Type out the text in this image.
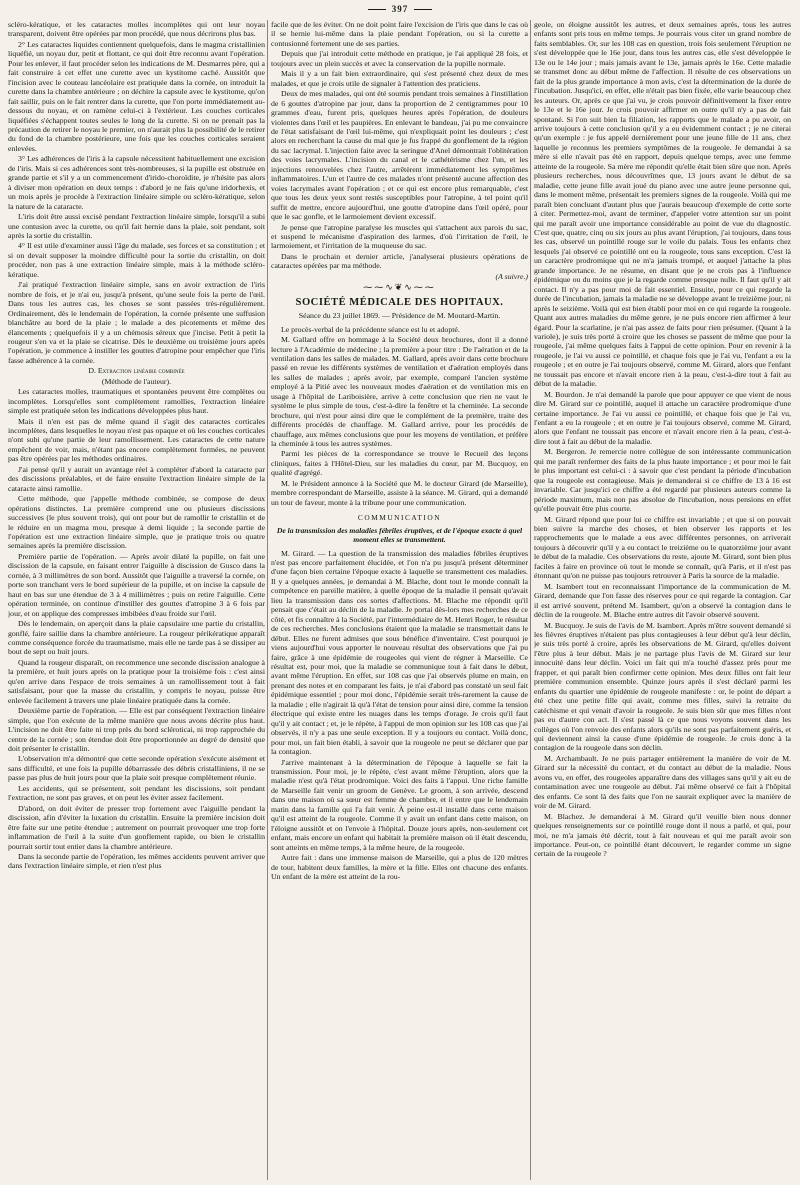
397

scléro-kératique, et les cataractes molles incomplètes qui ont leur noyau transparent, doivent être opérées par mon procédé, que nous décrirons plus bas.

2° Les cataractes liquides contiennent quelquefois, dans le magma cristallinien liquéfié, un noyau dur, petit et flottant, ce qui doit être reconnu avant l'opération. Pour les enlever, il faut procéder selon les indications de M. Desmarres père, qui a fait construire à cet effet une curette avec un kystitome caché. Aussitôt que l'incision avec le couteau lancéolaire est pratiquée dans la cornée, on introduit la curette dans la chambre antérieure ; on déchire la capsule avec le kystitome, qu'on fait saillir, puis on le fait rentrer dans la curette, que l'on porte immédiatement au-dessous du noyau, et on ramène celui-ci à l'extérieur. Les couches corticales liquéfiées s'échappent toutes seules le long de la curette. Si on ne prenait pas la précaution de retirer le noyau le premier, on n'aurait plus la possibilité de le retirer du fond de la chambre postérieure, une fois que les couches corticales seraient enlevées.

3° Les adhérences de l'iris à la capsule nécessitent habituellement une excision de l'iris. Mais si ces adhérences sont très-nombreuses, si la pupille est obstruée en grande partie et s'il y a un commencement d'irido-choroïdite, je n'hésite pas alors à diviser mon opération en deux temps : d'abord je ne fais qu'une iridorhexis, et un mois après je procède à l'extraction linéaire simple ou scléro-kératique, selon la nature de la cataracte.

L'iris doit être aussi excisé pendant l'extraction linéaire simple, lorsqu'il a subi une contusion avec la curette, ou qu'il fait hernie dans la plaie, soit pendant, soit après la sortie du cristallin.

4° Il est utile d'examiner aussi l'âge du malade, ses forces et sa constitution ; et si on devait supposer la moindre difficulté pour la sortie du cristallin, on doit procéder, non pas à une extraction linéaire simple, mais à la méthode scléro-kératique.

J'ai pratiqué l'extraction linéaire simple, sans en avoir extraction de l'iris nombre de fois, et je n'ai eu, jusqu'à présent, qu'une seule fois la perte de l'œil. Dans tous les autres cas, les choses se sont passées très-régulièrement. Ordinairement, dès le lendemain de l'opération, la cornée présente une suffusion blanchâtre au bord de la plaie ; le malade a des picotements et même des élancements ; quelquefois il y a un chémosis séreux que j'incise. Petit à petit la rougeur s'en va et la plaie se cicatrise. Dès le deuxième ou troisième jours après l'opération, je commence à instiller les gouttes d'atropine pour empêcher que l'iris fasse adhérence à la cornée.

D. Extraction linéaire combinée

(Méthode de l'auteur).

Les cataractes molles, traumatiques et spontanées peuvent être complètes ou incomplètes. Lorsqu'elles sont complètement ramollies, l'extraction linéaire simple est pratiquée selon les indications développées plus haut.

Mais il n'en est pas de même quand il s'agit des cataractes corticales incomplètes, dans lesquelles le noyau n'est pas opaque et où les couches corticales n'ont subi qu'une partie de leur ramollissement. Les cataractes de cette nature empêchent de voir, mais, n'étant pas encore complètement formées, ne peuvent pas être opérées par les méthodes ordinaires.

J'ai pensé qu'il y aurait un avantage réel à compléter d'abord la cataracte par des discissions préalables, et de faire ensuite l'extraction linéaire simple de la cataracte ainsi ramollie.

Cette méthode, que j'appelle méthode combinée, se compose de deux opérations distinctes. La première comprend une ou plusieurs discissions successives (le plus souvent trois), qui ont pour but de ramollir le cristallin et de le réduire en un magma mou, presque à demi liquide ; la seconde partie de l'opération est une extraction linéaire simple, que je pratique trois ou quatre semaines après la première discission.

Première partie de l'opération. — Après avoir dilaté la pupille, on fait une discission de la capsule, en faisant entrer l'aiguille à discission de Gusco dans la cornée, à 3 millimètres de son bord. Aussitôt que l'aiguille a traversé la cornée, on porte son tranchant vers le bord supérieur de la pupille, et on incise la capsule de haut en bas sur une étendue de 3 à 4 millimètres ; puis on retire l'aiguille. Cette opération terminée, on continue d'instiller des gouttes d'atropine 3 à 6 fois par jour, et on applique des compresses imbibées d'eau froide sur l'œil.

Dès le lendemain, on aperçoit dans la plaie capsulaire une partie du cristallin, gonflé, faire saillie dans la chambre antérieure. La rougeur périkératique apparaît comme conséquence forcée du traumatisme, mais elle ne tarde pas à se dissiper au bout de sept ou huit jours.

Quand la rougeur disparaît, on recommence une seconde discission analogue à la première, et huit jours après on la pratique pour la troisième fois : c'est ainsi qu'en arrive dans l'espace de trois semaines à un ramollissement tout à fait satisfaisant, pour que la masse du cristallin, y compris le noyau, puisse être enlevée facilement à travers une plaie linéaire pratiquée dans la cornée.

Deuxième partie de l'opération. — Elle est par conséquent l'extraction linéaire simple, que l'on exécute de la même manière que nous avons décrite plus haut. L'incision ne doit être faite ni trop près du bord scléroticai, ni trop rapprochée du centre de la cornée ; son étendue doit être proportionnée au degré de densité que doit présenter le cristallin.

L'observation m'a démontré que cette seconde opération s'exécute aisément et sans difficulté, et une fois la pupille débarrassée des débris cristalliniens, il ne se passe pas plus de huit jours pour que la plaie soit presque complètement réunie.

Les accidents, qui se présentent, soit pendant les discissions, soit pendant l'extraction, ne sont pas graves, et on peut les éviter assez facilement.

D'abord, on doit éviter de presser trop fortement avec l'aiguille pendant la discission, afin d'éviter la luxation du cristallin. Ensuite la première incision doit être faite sur une petite étendue ; autrement on pourrait provoquer une trop forte inflammation de l'œil à la suite d'un gonflement rapide, ou bien le cristallin pourrait sortir tout entier dans la chambre antérieure.

Dans la seconde partie de l'opération, les mêmes accidents peuvent arriver que dans l'extraction linéaire simple, et rien n'est plus

facile que de les éviter. On ne doit point faire l'excision de l'iris que dans le cas où il se hernie lui-même dans la plaie pendant l'opération, ou si la curette a contusionné fortement une de ses parties.

Depuis que j'ai introduit cette méthode en pratique, je l'ai appliqué 28 fois, et toujours avec un plein succès et avec la conservation de la pupille normale.

Mais il y a un fait bien extraordinaire, qui s'est présenté chez deux de mes malades, et que je crois utile de signaler à l'attention des praticiens.

Deux de mes malades, qui ont été soumis pendant trois semaines à l'instillation de 6 gouttes d'atropine par jour, dans la proportion de 2 centigrammes pour 10 grammes d'eau, furent pris, quelques heures après l'opération, de douleurs violentes dans l'œil et les paupières. En enlevant le bandeau, j'ai pu me convaincre de l'état satisfaisant de l'œil lui-même, qui n'expliquait point les douleurs ; c'est alors en recherchant la cause du mal que je fus frappé du gonflement de la région du sac lacrymal. L'injection faite avec la seringue d'Anel démontrait l'oblitération des voies lacrymales. L'incision du canal et le cathétérisme chez l'un, et les injections renouvelées chez l'autre, arrêtèrent immédiatement les symptômes inflammatoires. L'un et l'autre de ces malades n'ont présenté aucune affection des voies lacrymales avant l'opération ; et ce qui est encore plus remarquable, c'est que tous les deux yeux sont restés susceptibles pour l'atropine, à tel point qu'il suffit de mettre, encore aujourd'hui, une goutte d'atropine dans l'œil opéré, pour que le sac gonfle, et le larmoiement devient excessif.

Je pense que l'atropine paralyse les muscles qui s'attachent aux parois du sac, et suspend le mécanisme d'aspiration des larmes, d'où l'irritation de l'œil, le larmoiement, et l'irritation de la muqueuse du sac.

Dans le prochain et dernier article, j'analyserai plusieurs opérations de cataractes opérées par ma méthode.

(A suivre.)

⁓⁓∿❦∿⁓⁓
SOCIÉTÉ MÉDICALE DES HOPITAUX.
Séance du 23 juillet 1869. — Présidence de M. Moutard-Martin.

Le procès-verbal de la précédente séance est lu et adopté.

M. Gallard offre en hommage à la Société deux brochures, dont il a donné lecture à l'Académie de médecine ; la première a pour titre : De l'aération et de la ventilation dans les salles de malades. M. Gallard, après avoir dans cette brochure passé en revue les différents systèmes de ventilation et d'aération employés dans les salles de malades ; après avoir, par exemple, comparé l'ancien système employé à la Pitié avec les nouveaux modes d'aération et de ventilation mis en usage à l'hôpital de Lariboisière, arrive à cette conclusion que rien ne vaut le système le plus simple de tous, c'est-à-dire la fenêtre et la cheminée. La seconde brochure, qui n'est pour ainsi dire que le complément de la première, traite des différents procédés de chauffage. M. Gallard arrive, pour les procédés de chauffage, aux mêmes conclusions que pour les moyens de ventilation, et préfère la cheminée à tous les autres systèmes.

Parmi les pièces de la correspondance se trouve le Recueil des leçons cliniques, faites à l'Hôtel-Dieu, sur les maladies du cœur, par M. Bucquoy, en qualité d'agrégé.

M. le Président annonce à la Société que M. le docteur Girard (de Marseille), membre correspondant de Marseille, assiste à la séance. M. Girard, qui a demandé un tour de faveur, monte à la tribune pour une communication.

COMMUNICATION
De la transmission des maladies fébriles éruptives, et de l'époque exacte à quel moment elles se transmettent.

M. Girard. — La question de la transmission des maladies fébriles éruptives n'est pas encore parfaitement élucidée, et l'on n'a pu jusqu'à présent déterminer d'une façon bien certaine l'époque exacte à laquelle se transmettent ces maladies. Il y a quelques années, je demandai à M. Blache, dont tout le monde connaît la compétence en pareille matière, à quelle époque de la maladie il pensait qu'avait lieu la transmission dans ces sortes d'affections. M. Blache me répondit qu'il pensait que c'était au déclin de la maladie. Je portai dès-lors mes recherches de ce côté, et fis connaître à la Société, par l'intermédiaire de M. Henri Roger, le résultat de ces recherches. Mes conclusions étaient que la maladie se transmettait dans le début. Elles ne furent admises que sous bénéfice d'inventaire. C'est pourquoi je viens aujourd'hui vous apporter le nouveau résultat des observations que j'ai pu faire, grâce à une épidémie de rougeoles qui vient de régner à Marseille. Ce résultat est, pour moi, que la maladie se communique tout à fait dans le début, avant même l'éruption. En effet, sur 108 cas que j'ai observés plume en main, en prenant des notes et en comparant les faits, je n'ai d'abord pas constaté un seul fait épidémique essentiel ; pour moi donc, l'épidémie serait très-rarement la cause de la maladie ; elle n'agirait là qu'à l'état de tension pour ainsi dire, comme la tension électrique qui existe entre les nuages dans les temps d'orage. Je crois qu'il faut qu'il y ait contact ; et, je le répète, à l'appui de mon opinion sur les 108 cas que j'ai observés, il n'y a pas une seule exception. Il y a toujours eu contact. Voilà donc, pour moi, un fait bien établi, à savoir que la rougeole ne peut se déclarer que par la contagion.

J'arrive maintenant à la détermination de l'époque à laquelle se fait la transmission. Pour moi, je le répète, c'est avant même l'éruption, alors que la maladie n'est qu'à l'état prodromique. Voici des faits à l'appui. Une riche famille de Marseille fait venir un groom de Genève. Le groom, à son arrivée, descend dans une maison où sa sœur est femme de chambre, et il entre que le lendemain matin dans la famille qui l'a fait venir. À peine est-il installé dans cette maison qu'il est atteint de la rougeole. Comme il y avait un enfant dans cette maison, on l'éloigne aussitôt et on l'envoie à l'hôpital. Douze jours après, non-seulement cet enfant, mais encore un enfant qui habitait la première maison où il était descendu, sont atteints en même temps, à la même heure, de la rougeole.

Autre fait : dans une immense maison de Marseille, qui a plus de 120 mètres de tour, habitent deux familles, la mère et la fille. Elles ont chacune des enfants. Un enfant de la mère est atteint de la rou-

geole, on éloigne aussitôt les autres, et deux semaines après, tous les autres enfants sont pris tous en même temps. Je pourrais vous citer un grand nombre de faits semblables. Or, sur les 108 cas en question, trois fois seulement l'éruption ne s'est développée que le 16e jour, dans tous les autres cas, elle s'est développée le 13e ou le 14e jour ; mais jamais avant le 13e, jamais après le 16e. Cette maladie se transmet donc au début même de l'affection. Il résulte de ces observations un fait de la plus grande importance à mon avis, c'est la détermination de la durée de l'incubation. Jusqu'ici, en effet, elle n'était pas bien fixée, elle varie beaucoup chez les auteurs. Or, après ce que j'ai vu, je crois pouvoir définitivement la fixer entre le 13e et le 16e jour. Je crois pouvoir affirmer en outre qu'il n'y a pas de fait spontané. Si l'on suit bien la filiation, les rapports que le malade a pu avoir, on arrive toujours à cette conclusion qu'il y a eu évidemment contact ; je ne citerai qu'un exemple : je fus appelé dernièrement pour une jeune fille de 11 ans, chez laquelle je reconnus les premiers symptômes de la rougeole. Je demandai à sa mère si elle n'avait pas été en rapport, depuis quelque temps, avec une femme atteinte de la rougeole. Sa mère me répondit qu'elle était bien sûre que non. Après plusieurs recherches, nous découvrîmes que, 13 jours avant le début de sa maladie, cette jeune fille avait joué du piano avec une autre jeune personne qui, dans le moment même, présentait les premiers signes de la rougeole. Voilà qui me paraît bien concluant d'autant plus que j'aurais beaucoup d'exemple de cette sorte à citer. Permettez-moi, avant de terminer, d'appeler votre attention sur un point qui me paraît avoir une importance considérable au point de vue du diagnostic. C'est que, quatre, cinq ou six jours au plus avant l'éruption, j'ai toujours, dans tous les cas, observé un pointillé rouge sur le voile du palais. Tous les enfants chez lesquels j'ai observé ce pointillé ont eu la rougeole, tous sans exception. C'est là un caractère prodromique qui ne m'a jamais trompé, et auquel j'attache la plus grande importance. Je ne résume, en disant que je ne crois pas à l'influence épidémique ou du moins que je la regarde comme presque nulle. Il faut qu'il y ait contact. Il n'y a pas pour moi de fait essentiel. Ensuite, pour ce qui regarde la durée de l'incubation, jamais la maladie ne se développe avant le treizième jour, ni après le seizième. Voilà qui est bien établi pour moi en ce qui regarde la rougeole. Quant aux autres maladies du même genre, je ne puis encore rien affirmer à leur égard. Pour la scarlatine, je n'ai pas assez de faits pour rien présumer. (Quant à la variole), je suis très porté à croire que les choses se passent de même que pour la rougeole, j'ai même quelques faits à l'appui de cette opinion. Pour en revenir à la rougeole, je l'ai vu aussi ce pointillé, et chaque fois que je l'ai vu, l'enfant a eu la rougeole ; et en outre je l'ai toujours observé, comme M. Girard, alors que l'enfant ne toussait pas encore et n'avait encore rien à la peau, c'est-à-dire tout à fait au début de la maladie.

M. Bourdon. Je n'ai demandé la parole que pour appuyer ce que vient de nous dire M. Girard sur ce pointillé, auquel il attache un caractère prodromique d'une certaine importance. Je l'ai vu aussi ce pointillé, et chaque fois que je l'ai vu, l'enfant a eu la rougeole ; et en outre je l'ai toujours observé, comme M. Girard, alors que l'enfant ne toussait pas encore et n'avait encore rien à la peau, c'est-à-dire tout à fait au début de la maladie.

M. Bergeron. Je remercie notre collègue de son intéressante communication qui me paraît renfermer des faits de la plus haute importance ; et pour moi le fait le plus important est celui-ci : à savoir que c'est pendant la période d'incubation que la rougeole est contagieuse. Mais je demanderai si ce chiffre de 13 à 16 est invariable. Car jusqu'ici ce chiffre a été regardé par plusieurs auteurs comme la période maximum, mais non pas absolue de l'incubation, nous pensions en effet qu'elle pouvait être plus courte.

M. Girard répond que pour lui ce chiffre est invariable ; et que si on pouvait bien suivre la marche des choses, et bien observer les rapports et les rapprochements que le malade a eus avec différentes personnes, on arriverait toujours à découvrir qu'il y a eu contact le treizième ou le quatorzième jour avant le début de la maladie. Ces observations du reste, ajoute M. Girard, sont bien plus faciles à faire en province où tout le monde se connaît, qu'à Paris, et il n'est pas étonnant qu'on ne puisse pas toujours retrouver à Paris la source de la maladie.

M. Isambert tout en reconnaissant l'importance de la communication de M. Girard, demande que l'on fasse des réserves pour ce qui regarde la contagion. Car il est arrivé souvent, prétend M. Isambert, qu'on a observé la contagion dans le déclin de la rougeole. M. Blache entre autres dit l'avoir observé souvent.

M. Bucquoy. Je suis de l'avis de M. Isambert. Après m'être souvent demandé si les fièvres éruptives n'étaient pas plus contagieuses à leur début qu'à leur déclin, je suis très porté à croire, après les observations de M. Girard, qu'elles doivent l'être plus à leur début. Mais je ne partage plus l'avis de M. Girard sur leur innocuité dans leur déclin. Voici un fait qui m'a touché d'assez près pour me frapper, et qui paraît bien confirmer cette opinion. Mes deux filles ont fait leur première communion ensemble. Quinze jours après il s'est déclaré parmi les enfants du quartier une épidémie de rougeole manifeste : or, le point de départ a été chez une petite fille qui avait, comme mes filles, suivi la retraite du catéchisme et qui venait d'avoir la rougeole. Je suis bien sûr que mes filles n'ont pas eu d'autre con act. Il s'est passé là ce que nous voyons souvent dans les collèges où l'on renvoie des enfants alors qu'ils ne sont pas parfaitement guéris, et qui deviennent ainsi la cause d'une épidémie de rougeole. Je crois donc à la contagion de la rougeole dans son déclin.

M. Archambault. Je ne puis partager entièrement la manière de voir de M. Girard sur la nécessité du contact, et du contact au début de la maladie. Nous avons vu, en effet, des rougeoles apparaître dans des villages sans qu'il y ait eu de contamination avec une rougeole au début. J'ai même observé ce fait à l'hôpital des enfants. Ce sont là des faits que l'on ne saurait expliquer avec la manière de voir de M. Girard.

M. Blachez. Je demanderai à M. Girard qu'il veuille bien nous donner quelques renseignements sur ce pointillé rouge dont il nous a parlé, et qui, pour moi, ne m'a jamais été décrit, tout à fait nouveau et qui me paraît avoir son importance. Peut-on, ce pointillé étant découvert, le regarder comme un signe certain de la rougeole ?
